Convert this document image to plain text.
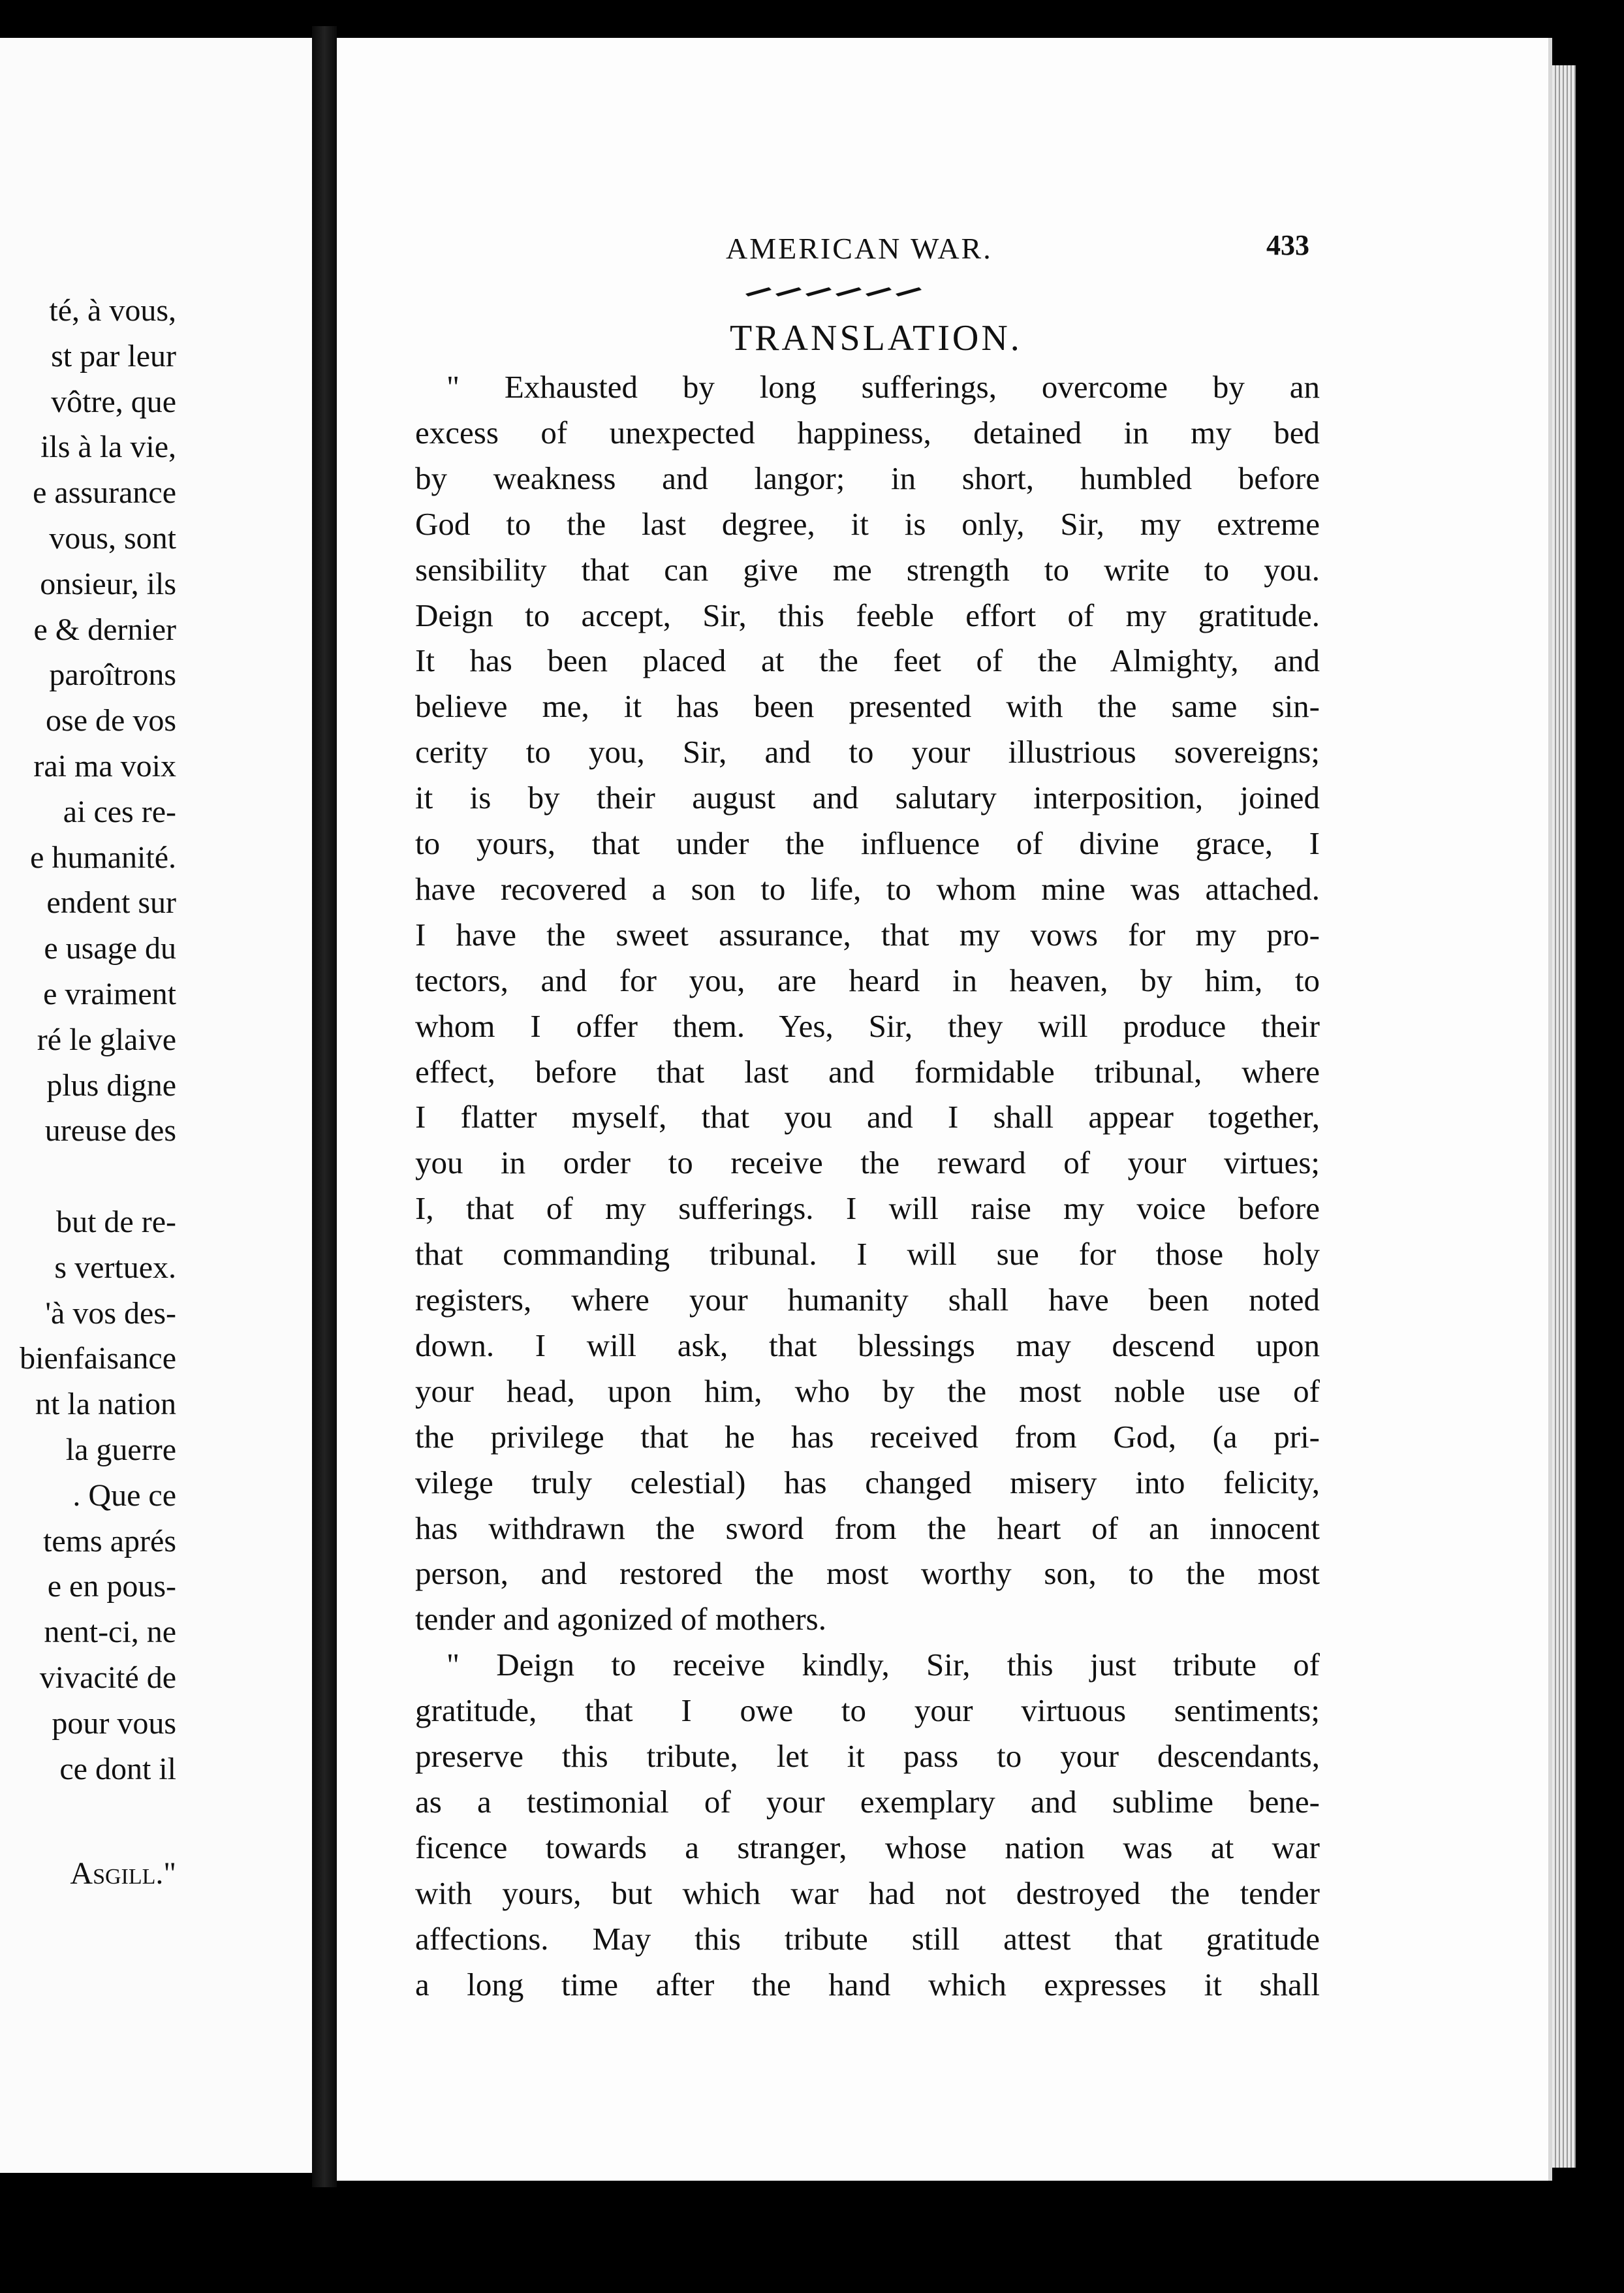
té, à vous,
st par leur
vôtre, que
ils à la vie,
e assurance
vous, sont
onsieur, ils
e & dernier
paroîtrons
ose de vos
rai ma voix
ai ces re-
e humanité.
endent sur
e usage du
e vraiment
ré le glaive
plus digne
ureuse des
but de re-
s vertuex.
'à vos des-
bienfaisance
nt la nation
la guerre
. Que ce
tems aprés
e en pous-
nent-ci, ne
vivacité de
pour vous
ce dont il
Asgill."
AMERICAN WAR.	433
TRANSLATION.
" Exhausted by long sufferings, overcome by an
excess of unexpected happiness, detained in my bed
by weakness and langor; in short, humbled before
God to the last degree, it is only, Sir, my extreme
sensibility that can give me strength to write to you.
Deign to accept, Sir, this feeble effort of my gratitude.
It has been placed at the feet of the Almighty, and
believe me, it has been presented with the same sin-
cerity to you, Sir, and to your illustrious sovereigns;
it is by their august and salutary interposition, joined
to yours, that under the influence of divine grace, I
have recovered a son to life, to whom mine was attached.
I have the sweet assurance, that my vows for my pro-
tectors, and for you, are heard in heaven, by him, to
whom I offer them. Yes, Sir, they will produce their
effect, before that last and formidable tribunal, where
I flatter myself, that you and I shall appear together,
you in order to receive the reward of your virtues;
I, that of my sufferings. I will raise my voice before
that commanding tribunal. I will sue for those holy
registers, where your humanity shall have been noted
down. I will ask, that blessings may descend upon
your head, upon him, who by the most noble use of
the privilege that he has received from God, (a pri-
vilege truly celestial) has changed misery into felicity,
has withdrawn the sword from the heart of an innocent
person, and restored the most worthy son, to the most
tender and agonized of mothers.
" Deign to receive kindly, Sir, this just tribute of
gratitude, that I owe to your virtuous sentiments;
preserve this tribute, let it pass to your descendants,
as a testimonial of your exemplary and sublime bene-
ficence towards a stranger, whose nation was at war
with yours, but which war had not destroyed the tender
affections. May this tribute still attest that gratitude
a long time after the hand which expresses it shall
